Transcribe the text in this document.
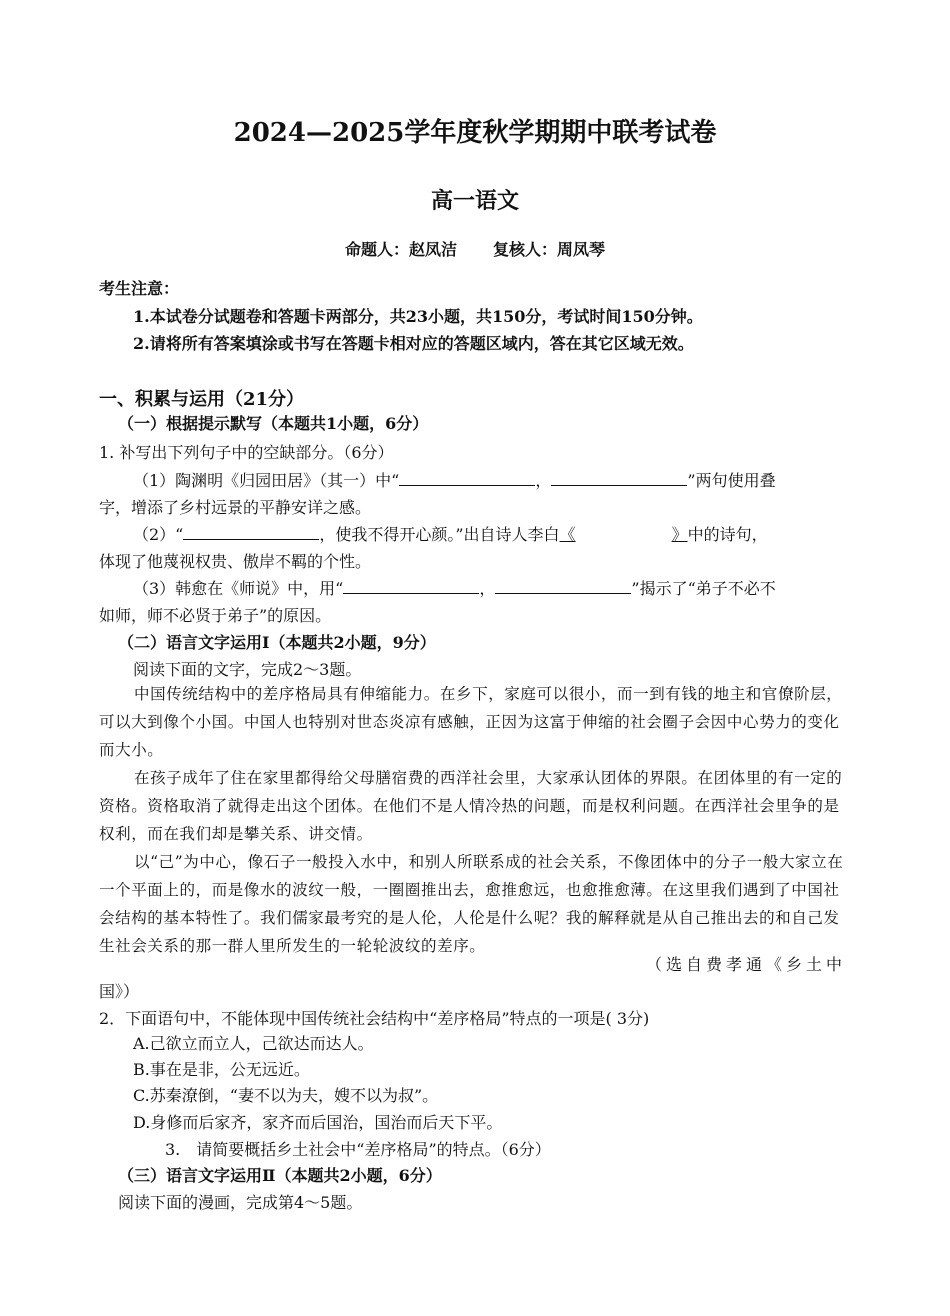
2024—2025学年度秋学期期中联考试卷
高一语文
命题人：赵凤洁 复核人：周凤琴
考生注意：
1.本试卷分试题卷和答题卡两部分，共23小题，共150分，考试时间150分钟。
2.请将所有答案填涂或书写在答题卡相对应的答题区域内，答在其它区域无效。
一、积累与运用（21分）
（一）根据提示默写（本题共1小题，6分）
1. 补写出下列句子中的空缺部分。（6分）
（1）陶渊明《归园田居》（其一）中“	，	”两句使用叠
字，增添了乡村远景的平静安详之感。
（2）“	，使我不得开心颜。”出自诗人李白《	》中的诗句，
体现了他蔑视权贵、傲岸不羁的个性。
（3）韩愈在《师说》中，用“	，	”揭示了“弟子不必不
如师，师不必贤于弟子”的原因。
（二）语言文字运用Ⅰ（本题共2小题，9分）
阅读下面的文字，完成2～3题。
中国传统结构中的差序格局具有伸缩能力。在乡下，家庭可以很小，而一到有钱的地主和官僚阶层，可以大到像个小国。中国人也特别对世态炎凉有感触，正因为这富于伸缩的社会圈子会因中心势力的变化而大小。
在孩子成年了住在家里都得给父母膳宿费的西洋社会里，大家承认团体的界限。在团体里的有一定的资格。资格取消了就得走出这个团体。在他们不是人情冷热的问题，而是权利问题。在西洋社会里争的是权利，而在我们却是攀关系、讲交情。
以“己”为中心，像石子一般投入水中，和别人所联系成的社会关系，不像团体中的分子一般大家立在一个平面上的，而是像水的波纹一般，一圈圈推出去，愈推愈远，也愈推愈薄。在这里我们遇到了中国社会结构的基本特性了。我们儒家最考究的是人伦，人伦是什么呢？我的解释就是从自己推出去的和自己发生社会关系的那一群人里所发生的一轮轮波纹的差序。
（选自费孝通《乡土中
国》）
2．下面语句中，不能体现中国传统社会结构中“差序格局”特点的一项是( 3分)
A.己欲立而立人，己欲达而达人。
B.事在是非，公无远近。
C.苏秦潦倒，“妻不以为夫，嫂不以为叔”。
D.身修而后家齐，家齐而后国治，国治而后天下平。
3.　请简要概括乡土社会中“差序格局”的特点。（6分）
（三）语言文字运用Ⅱ（本题共2小题，6分）
阅读下面的漫画，完成第4～5题。
